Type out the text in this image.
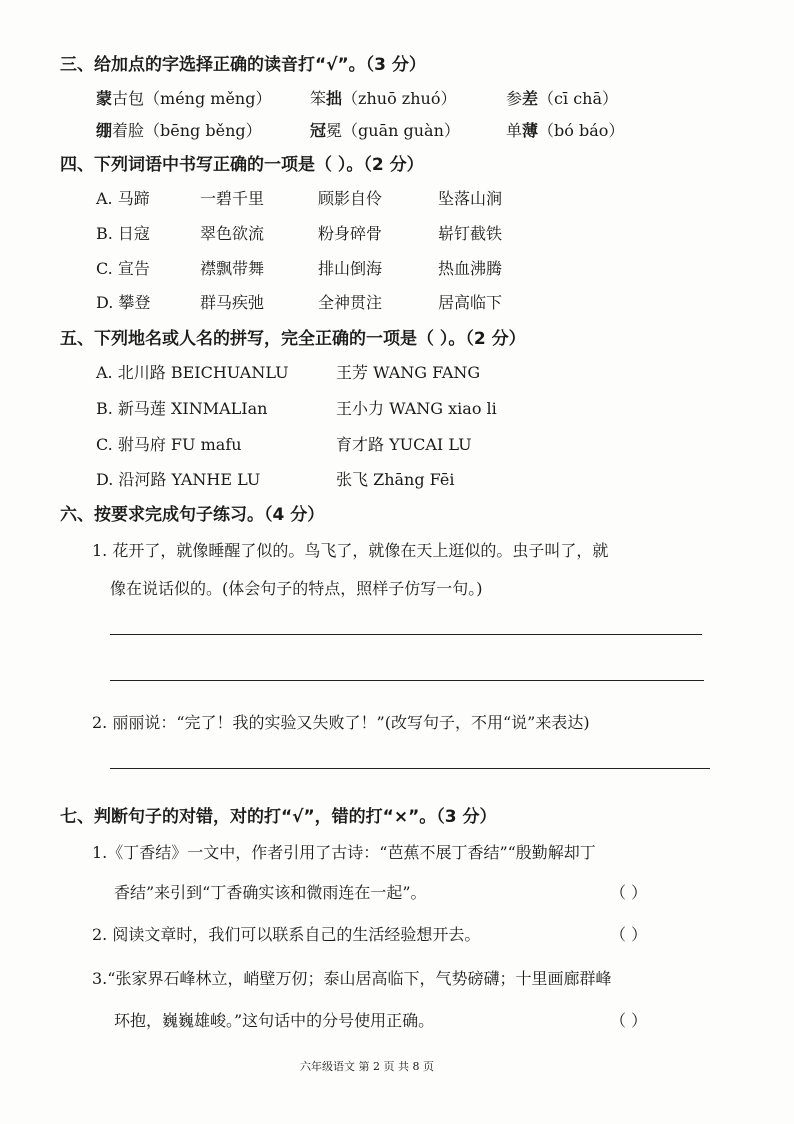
三、给加点的字选择正确的读音打“√”。（3 分）
蒙古包（méng měng） 笨拙（zhuō zhuó）	参差（cī chā）
绷着脸（bēng běng）	冠冕（guān guàn）	单薄（bó báo）
四、下列词语中书写正确的一项是（ ）。（2 分）
A. 马蹄	一碧千里	顾影自伶	坠落山涧
B. 日寇	翠色欲流	粉身碎骨	崭钉截铁
C. 宣告	襟飘带舞	排山倒海	热血沸腾
D. 攀登	群马疾弛	全神贯注	居高临下
五、下列地名或人名的拼写，完全正确的一项是（ ）。（2 分）
A. 北川路 BEICHUANLU	王芳 WANG FANG
B. 新马莲 XINMALIan	王小力 WANG xiao li
C. 驸马府 FU mafu	育才路 YUCAI LU
D. 沿河路 YANHE LU	张飞 Zhāng Fēi
六、按要求完成句子练习。（4 分）
1. 花开了，就像睡醒了似的。鸟飞了，就像在天上逛似的。虫子叫了，就
像在说话似的。(体会句子的特点，照样子仿写一句。)
2. 丽丽说：“完了！我的实验又失败了！”(改写句子，不用“说”来表达)
七、判断句子的对错，对的打“√”，错的打“×”。（3 分）
1.《丁香结》一文中，作者引用了古诗：“芭蕉不展丁香结”“殷勤解却丁
香结”来引到“丁香确实该和微雨连在一起”。	（ ）
2. 阅读文章时，我们可以联系自己的生活经验想开去。	（ ）
3.“张家界石峰林立，峭壁万仞；泰山居高临下，气势磅礴；十里画廊群峰
环抱，巍巍雄峻。”这句话中的分号使用正确。	（ ）
六年级语文 第 2 页 共 8 页
